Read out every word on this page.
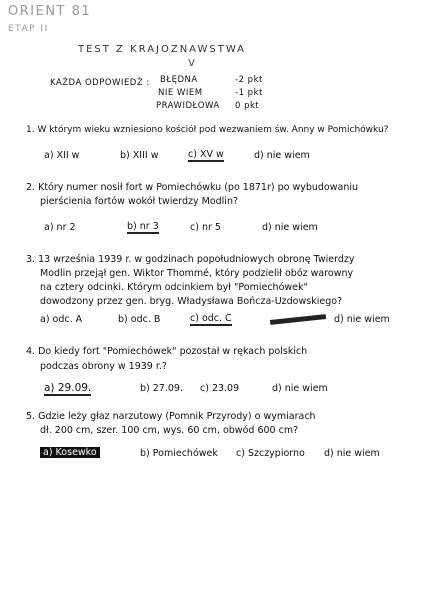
ORIENT 81
ETAP II
TEST Z KRAJOZNAWSTWA
v
KAŻDA ODPOWIEDŹ : BŁĘDNA	-2 pkt
NIE WIEM	-1 pkt
PRAWIDŁOWA 0 pkt
1. W którym wieku wzniesiono kościół pod wezwaniem św. Anny w Pomichówku?
a) XII w	b) XIII w	c) XV w	d) nie wiem
2. Który numer nosił fort w Pomiechówku (po 1871r) po wybudowaniu
pierścienia fortów wokół twierdzy Modlin?
a) nr 2	b) nr 3	c) nr 5	d) nie wiem
3. 13 września 1939 r. w godzinach popołudniowych obronę Twierdzy
Modlin przejął gen. Wiktor Thommé, który podzielił obóz warowny
na cztery odcinki. Którym odcinkiem był "Pomiechówek"
dowodzony przez gen. bryg. Władysława Bończa-Uzdowskiego?
a) odc. A	b) odc. B	c) odc. C	d) nie wiem
4. Do kiedy fort "Pomiechówek" pozostał w rękach polskich
podczas obrony w 1939 r.?
a) 29.09.	b) 27.09. c) 23.09	d) nie wiem
5. Gdzie leży głaz narzutowy (Pomnik Przyrody) o wymiarach
dł. 200 cm, szer. 100 cm, wys. 60 cm, obwód 600 cm?
a) Kosewko	b) Pomiechówek c) Szczypiorno d) nie wiem
